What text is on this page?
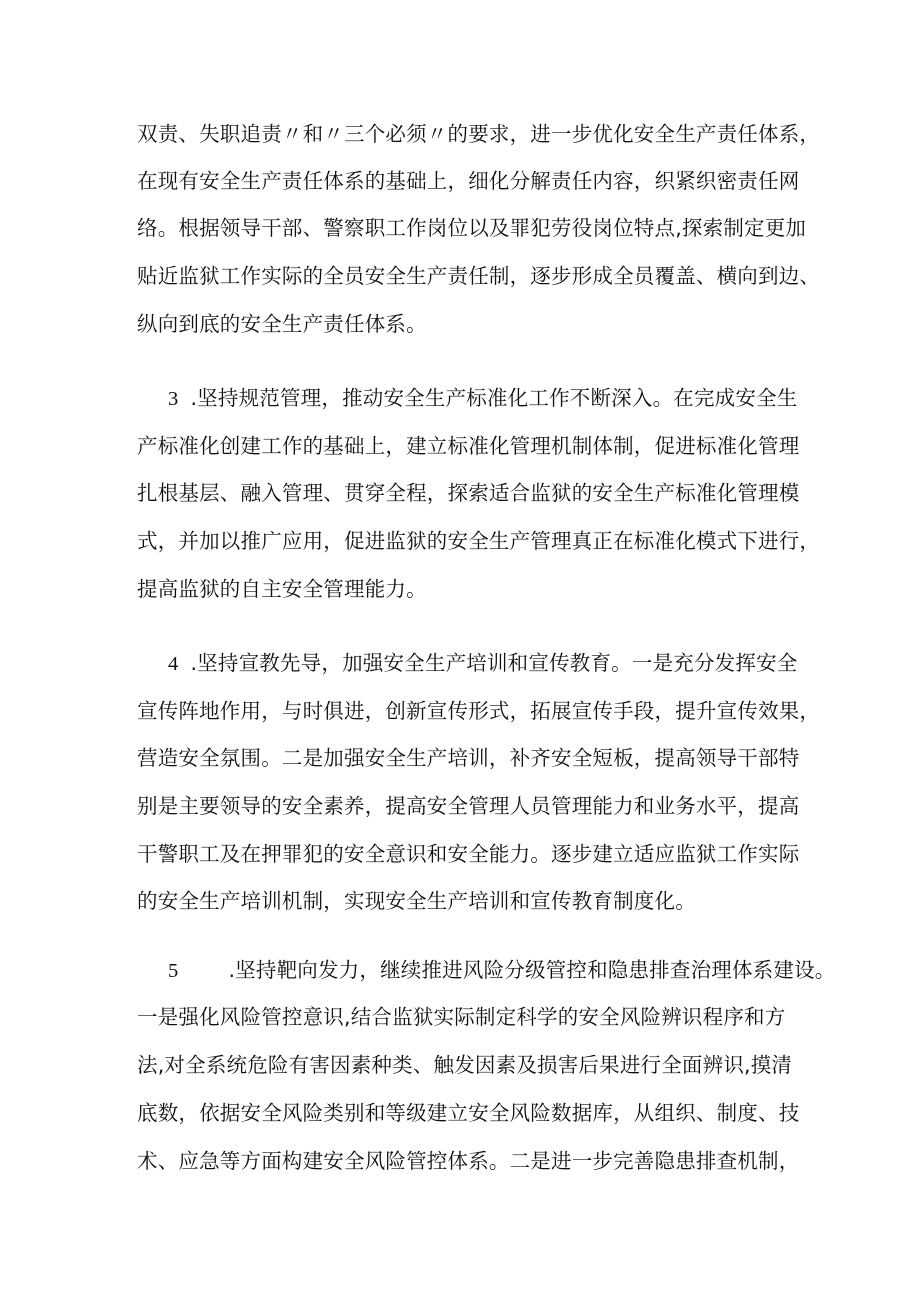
双责、失职追责〃和〃三个必须〃的要求，进一步优化安全生产责任体系，
在现有安全生产责任体系的基础上，细化分解责任内容，织紧织密责任网
络。根据领导干部、警察职工作岗位以及罪犯劳役岗位特点,探索制定更加
贴近监狱工作实际的全员安全生产责任制，逐步形成全员覆盖、横向到边、
纵向到底的安全生产责任体系。
3 .坚持规范管理，推动安全生产标准化工作不断深入。在完成安全生
产标准化创建工作的基础上，建立标准化管理机制体制，促进标准化管理
扎根基层、融入管理、贯穿全程，探索适合监狱的安全生产标准化管理模
式，并加以推广应用，促进监狱的安全生产管理真正在标准化模式下进行，
提高监狱的自主安全管理能力。
4 .坚持宣教先导，加强安全生产培训和宣传教育。一是充分发挥安全
宣传阵地作用，与时俱进，创新宣传形式，拓展宣传手段，提升宣传效果，
营造安全氛围。二是加强安全生产培训，补齐安全短板，提高领导干部特
别是主要领导的安全素养，提高安全管理人员管理能力和业务水平，提高
干警职工及在押罪犯的安全意识和安全能力。逐步建立适应监狱工作实际
的安全生产培训机制，实现安全生产培训和宣传教育制度化。
5 .坚持靶向发力，继续推进风险分级管控和隐患排查治理体系建设。
一是强化风险管控意识,结合监狱实际制定科学的安全风险辨识程序和方
法,对全系统危险有害因素种类、触发因素及损害后果进行全面辨识,摸清
底数，依据安全风险类别和等级建立安全风险数据库，从组织、制度、技
术、应急等方面构建安全风险管控体系。二是进一步完善隐患排查机制，
